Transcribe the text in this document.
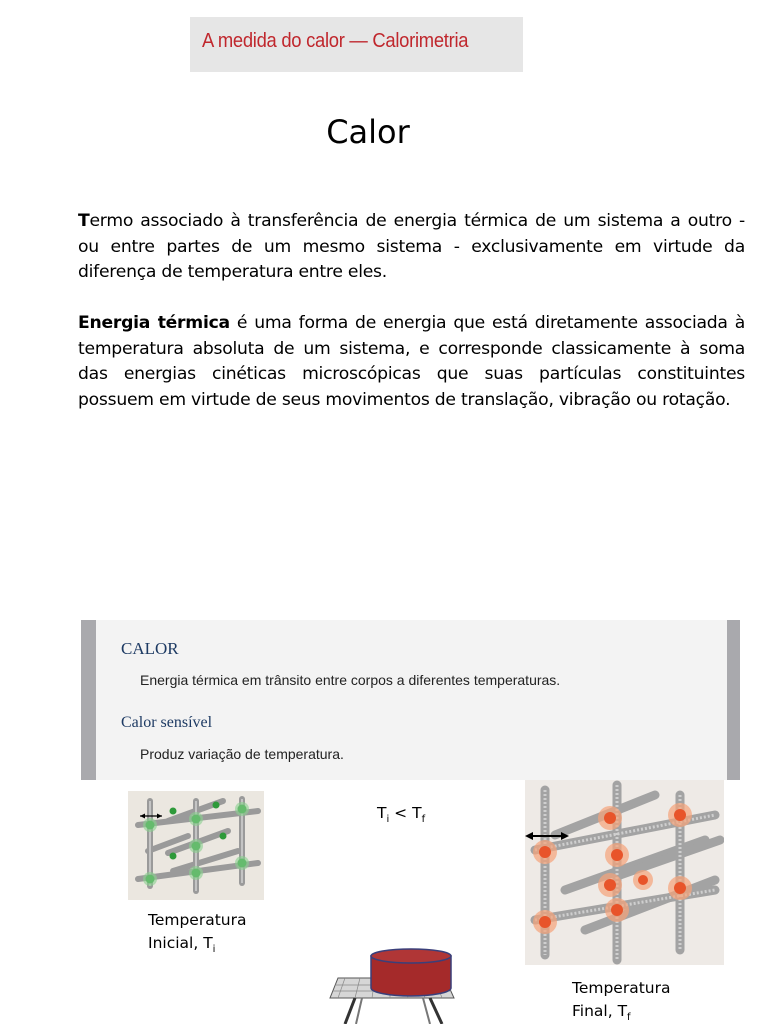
A medida do calor — Calorimetria
Calor
Termo associado à transferência de energia térmica de um sistema a outro - ou entre partes de um mesmo sistema - exclusivamente em virtude da diferença de temperatura entre eles.
Energia térmica é uma forma de energia que está diretamente associada à temperatura absoluta de um sistema, e corresponde classicamente à soma das energias cinéticas microscópicas que suas partículas constituintes possuem em virtude de seus movimentos de translação, vibração ou rotação.
CALOR
Energia térmica em trânsito entre corpos a diferentes temperaturas.
Calor sensível
Produz variação de temperatura.
$T_i < T_f$
Temperatura
Inicial, $T_i$
Temperatura
Final, $T_f$
